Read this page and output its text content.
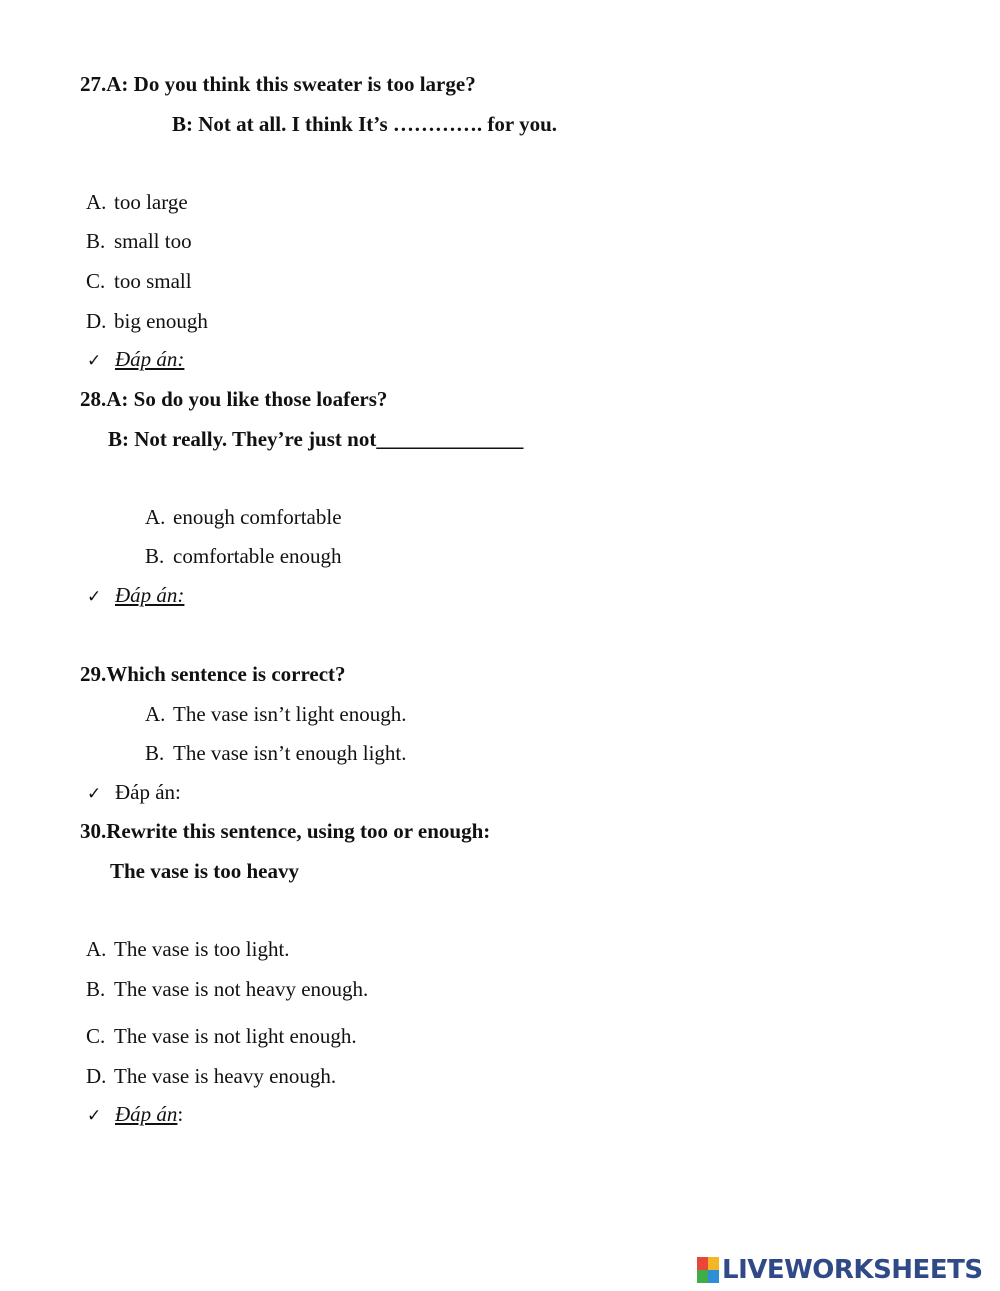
27.A: Do you think this sweater is too large?
B: Not at all. I think It’s …………. for you.
A. too large
B. small too
C. too small
D. big enough
✓ Đáp án:
28.A: So do you like those loafers?
B: Not really. They’re just not______________
A. enough comfortable
B. comfortable enough
✓ Đáp án:
29.Which sentence is correct?
A. The vase isn’t light enough.
B. The vase isn’t enough light.
✓ Đáp án:
30.Rewrite this sentence, using too or enough:
The vase is too heavy
A. The vase is too light.
B. The vase is not heavy enough.
C. The vase is not light enough.
D. The vase is heavy enough.
✓ Đáp án:
LIVEWORKSHEETS
